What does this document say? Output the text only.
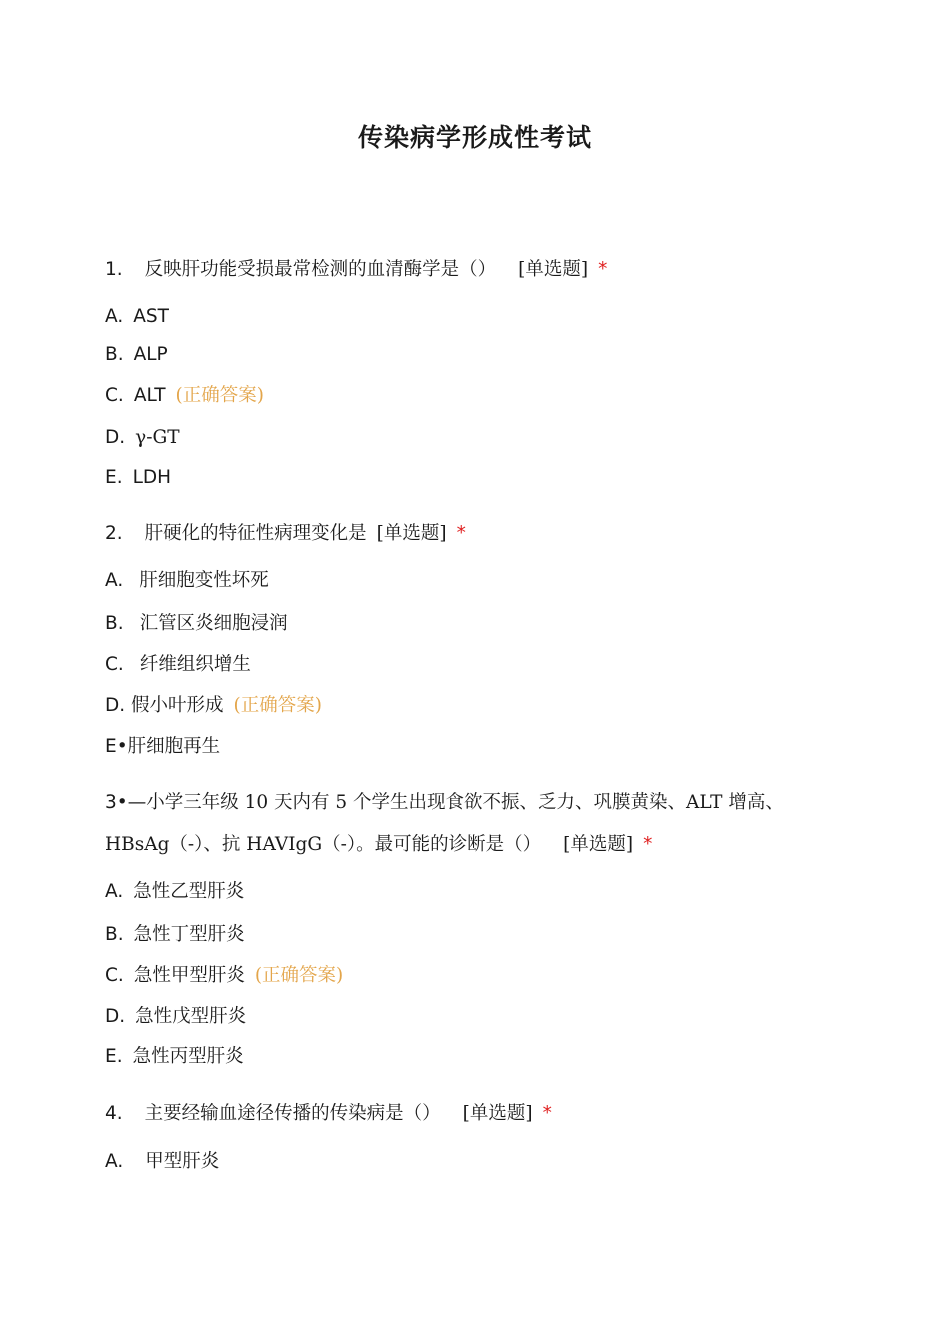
传染病学形成性考试
1. 反映肝功能受损最常检测的血清酶学是（） [单选题] *
A. AST
B. ALP
C. ALT (正确答案)
D. γ-GT
E. LDH
2. 肝硬化的特征性病理变化是 [单选题] *
A. 肝细胞变性坏死
B. 汇管区炎细胞浸润
C. 纤维组织增生
D. 假小叶形成 (正确答案)
E•肝细胞再生
3•—小学三年级 10 天内有 5 个学生出现食欲不振、乏力、巩膜黄染、ALT 增高、
HBsAg（-）、抗 HAVIgG（-）。最可能的诊断是（） [单选题] *
A. 急性乙型肝炎
B. 急性丁型肝炎
C. 急性甲型肝炎 (正确答案)
D. 急性戊型肝炎
E. 急性丙型肝炎
4. 主要经输血途径传播的传染病是（） [单选题] *
A. 甲型肝炎
